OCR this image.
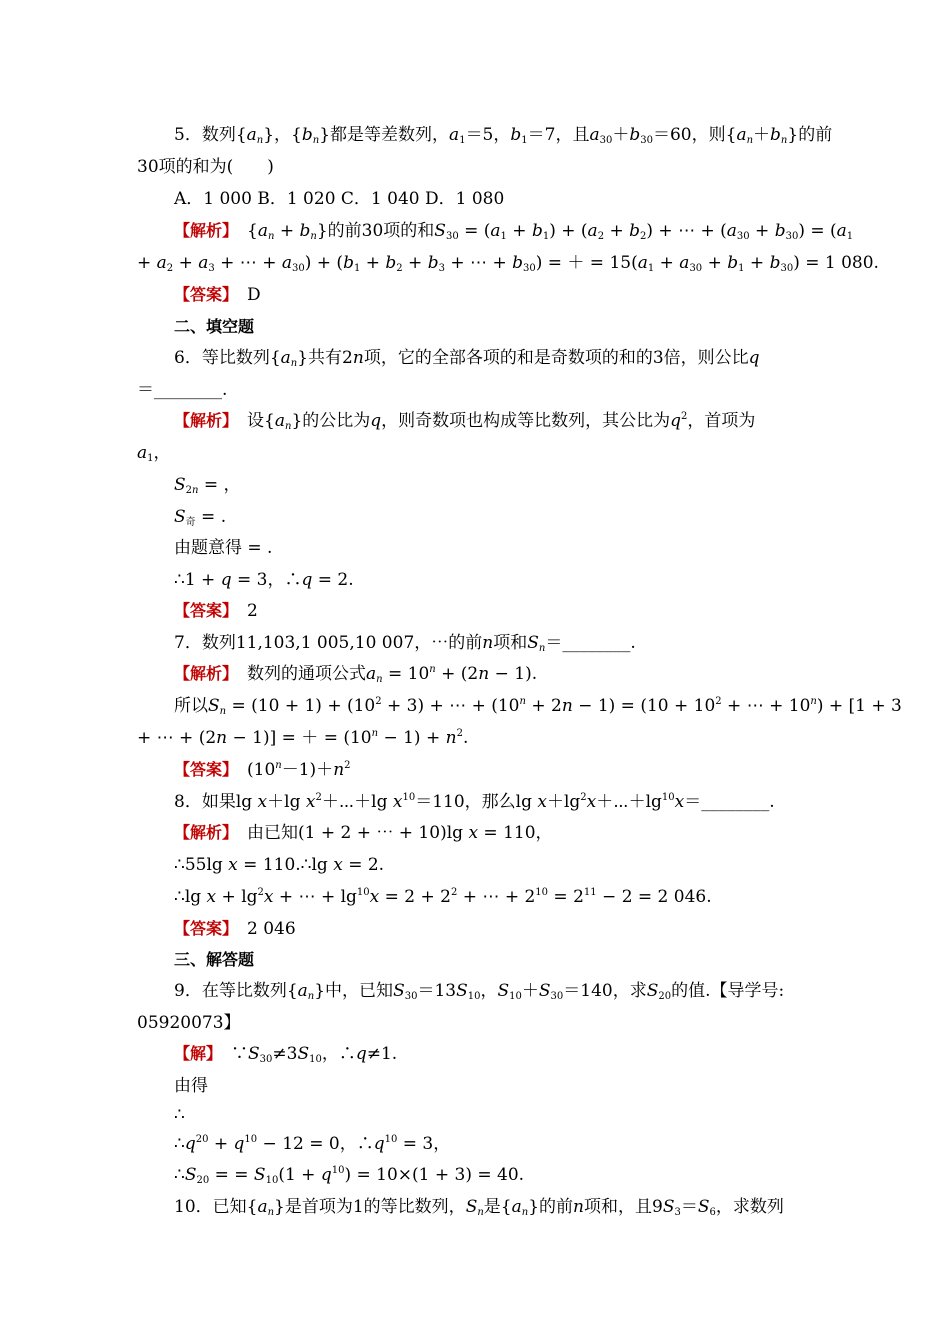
5．数列$\{a_n\}$，$\{b_n\}$都是等差数列，$a_1=5$，$b_1=7$，且$a_{30}+b_{30}=60$，则$\{a_n+b_n\}$的前
30项的和为(　　)
A．1 000 B．1 020 C．1 040 D．1 080
【解析】　$\{a_n + b_n\}$的前30项的和$S_{30} = (a_1 + b_1) + (a_2 + b_2)$ + ⋯ + $(a_{30} + b_{30}) = (a_1$
+ $a_2 + a_3$ + ⋯ + $a_{30}) + (b_1 + b_2 + b_3$ + ⋯ + $b_{30}$) = ＋ = $15(a_1 + a_{30} + b_1 + b_{30}) = 1$ 080.
【答案】　 D
二、填空题
6．等比数列$\{a_n\}$共有2n项，它的全部各项的和是奇数项的和的3倍，则公比q
＝________.
【解析】　设$\{a_n\}$的公比为q，则奇数项也构成等比数列，其公比为$q^2$，首项为
$a_1$，
$S_{2n}$ = ，
$S_奇$ = .
由题意得 = .
∴1 + q = 3，∴q = 2.
【答案】　 2
7．数列11,103,1 005,10 007，⋯的前n项和$S_n=\_\_\_\_\_\_\_\_$.
【解析】　数列的通项公式$a_n = 10^n + (2n - 1)$.
所以$S_n = (10 + 1) + (10^2 + 3)$ + ⋯ + $(10^n + 2n - 1) = (10 + 10^2$ + ⋯ + $10^n) + [1 + 3$
+ ⋯ + (2n − 1)] = ＋ = $(10^n - 1) + n^2$.
【答案】　$(10^n-1)+n^2$
8．如果lg x＋lg $x^2+\cdots+\lg$ $x^{10}=110$，那么$\lg x+\lg^2x+\cdots+\lg^{10}x=\_\_\_\_\_\_\_\_$.
【解析】　由已知(1 + 2 + ⋯ + 10)lg x = 110，
∴55lg x = 110.∴lg x = 2.
∴lg $x + \lg^2x$ + ⋯ + $\lg^{10}x = 2 + 2^2$ + ⋯ + $2^{10} = 2^{11} - 2 = 2$ 046.
【答案】　 2 046
三、解答题
9．在等比数列$\{a_n\}$中，已知$S_{30}=13S_{10}$，$S_{10}+S_{30}=140$，求$S_{20}$的值.【导学号:
05920073】
【解】　$\because S_{30}\ne 3S_{10}$，∴q≠1.
由得
∴
$\therefore q^{20} + q^{10} - 12 = 0$，$\therefore q^{10} = 3$，
$\therefore S_{20}$ = = $S_{10}(1 + q^{10}) = 10\times(1 + 3) = 40$.
10．已知$\{a_n\}$是首项为1的等比数列，$S_n$是$\{a_n\}$的前n项和，且$9S_3=S_6$，求数列
